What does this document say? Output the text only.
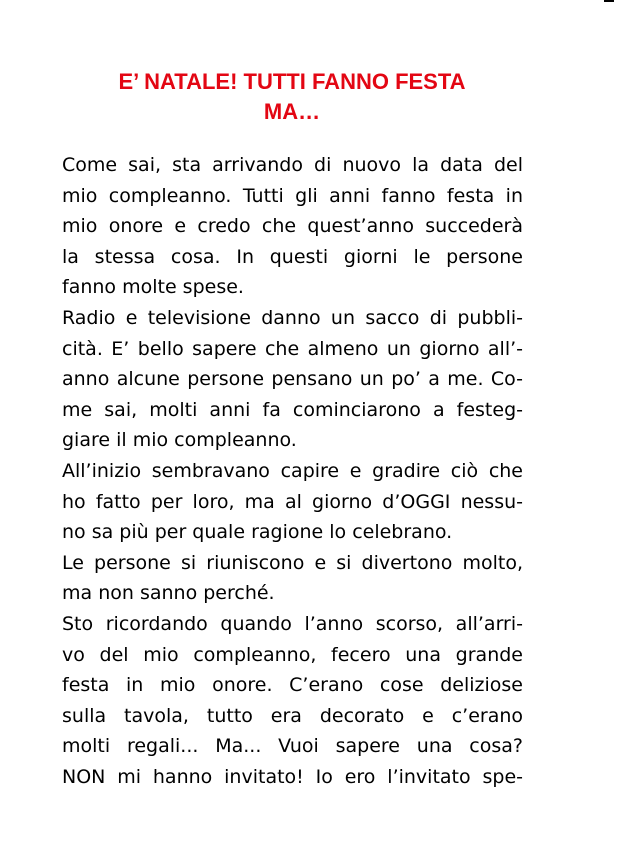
E’ NATALE! TUTTI FANNO FESTA
MA…
Come sai, sta arrivando di nuovo la data del
mio compleanno. Tutti gli anni fanno festa in
mio onore e credo che quest’anno succederà
la stessa cosa. In questi giorni le persone
fanno molte spese.
Radio e televisione danno un sacco di pubbli-
cità. E’ bello sapere che almeno un giorno all’-
anno alcune persone pensano un po’ a me. Co-
me sai, molti anni fa cominciarono a festeg-
giare il mio compleanno.
All’inizio sembravano capire e gradire ciò che
ho fatto per loro, ma al giorno d’OGGI nessu-
no sa più per quale ragione lo celebrano.
Le persone si riuniscono e si divertono molto,
ma non sanno perché.
Sto ricordando quando l’anno scorso, all’arri-
vo del mio compleanno, fecero una grande
festa in mio onore. C’erano cose deliziose
sulla tavola, tutto era decorato e c’erano
molti regali... Ma... Vuoi sapere una cosa?
NON mi hanno invitato! Io ero l’invitato spe-
